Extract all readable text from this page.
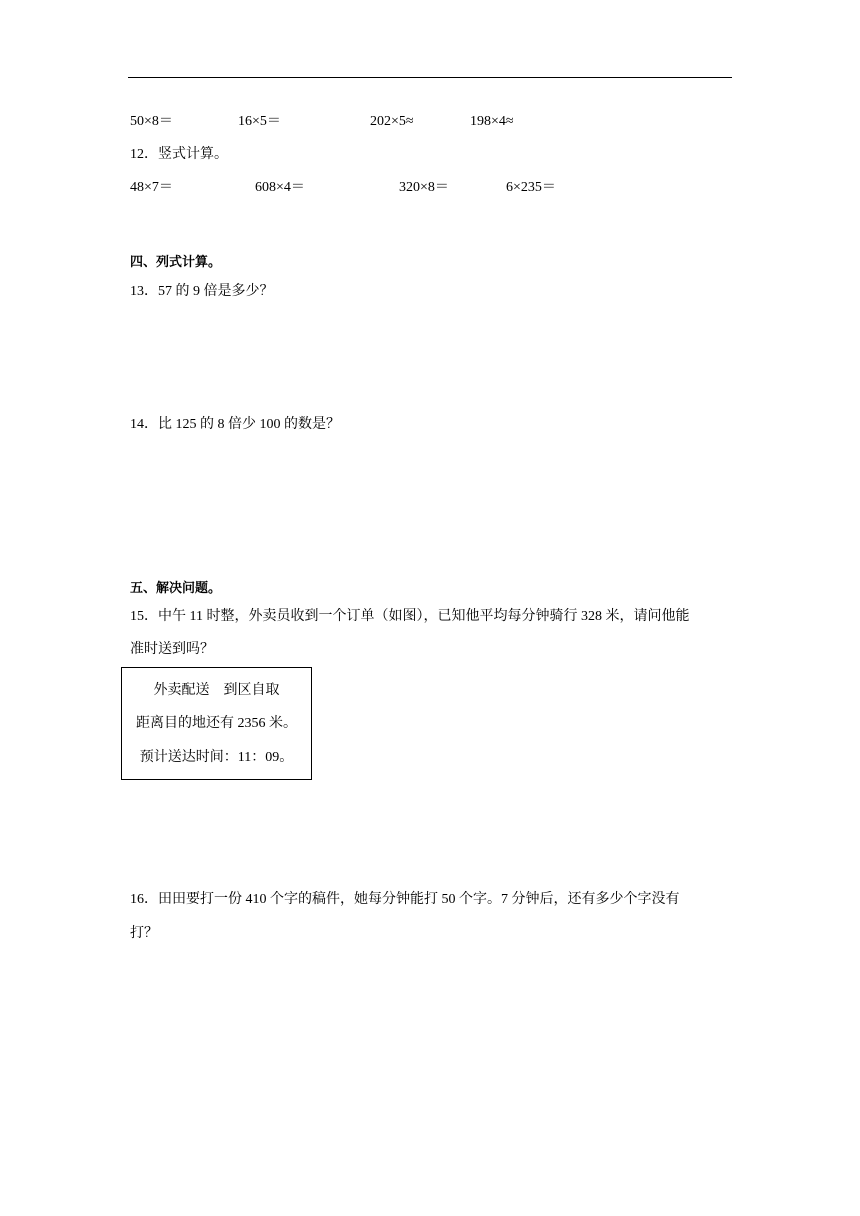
50×8＝	16×5＝	202×5≈	198×4≈
12．竖式计算。
48×7＝	608×4＝	320×8＝	6×235＝
四、列式计算。
13．57 的 9 倍是多少？
14．比 125 的 8 倍少 100 的数是？
五、解决问题。
15．中午 11 时整，外卖员收到一个订单（如图），已知他平均每分钟骑行 328 米，请问他能
准时送到吗？
外卖配送　到区自取
距离目的地还有 2356 米。
预计送达时间：11：09。
16．田田要打一份 410 个字的稿件，她每分钟能打 50 个字。7 分钟后，还有多少个字没有
打？
